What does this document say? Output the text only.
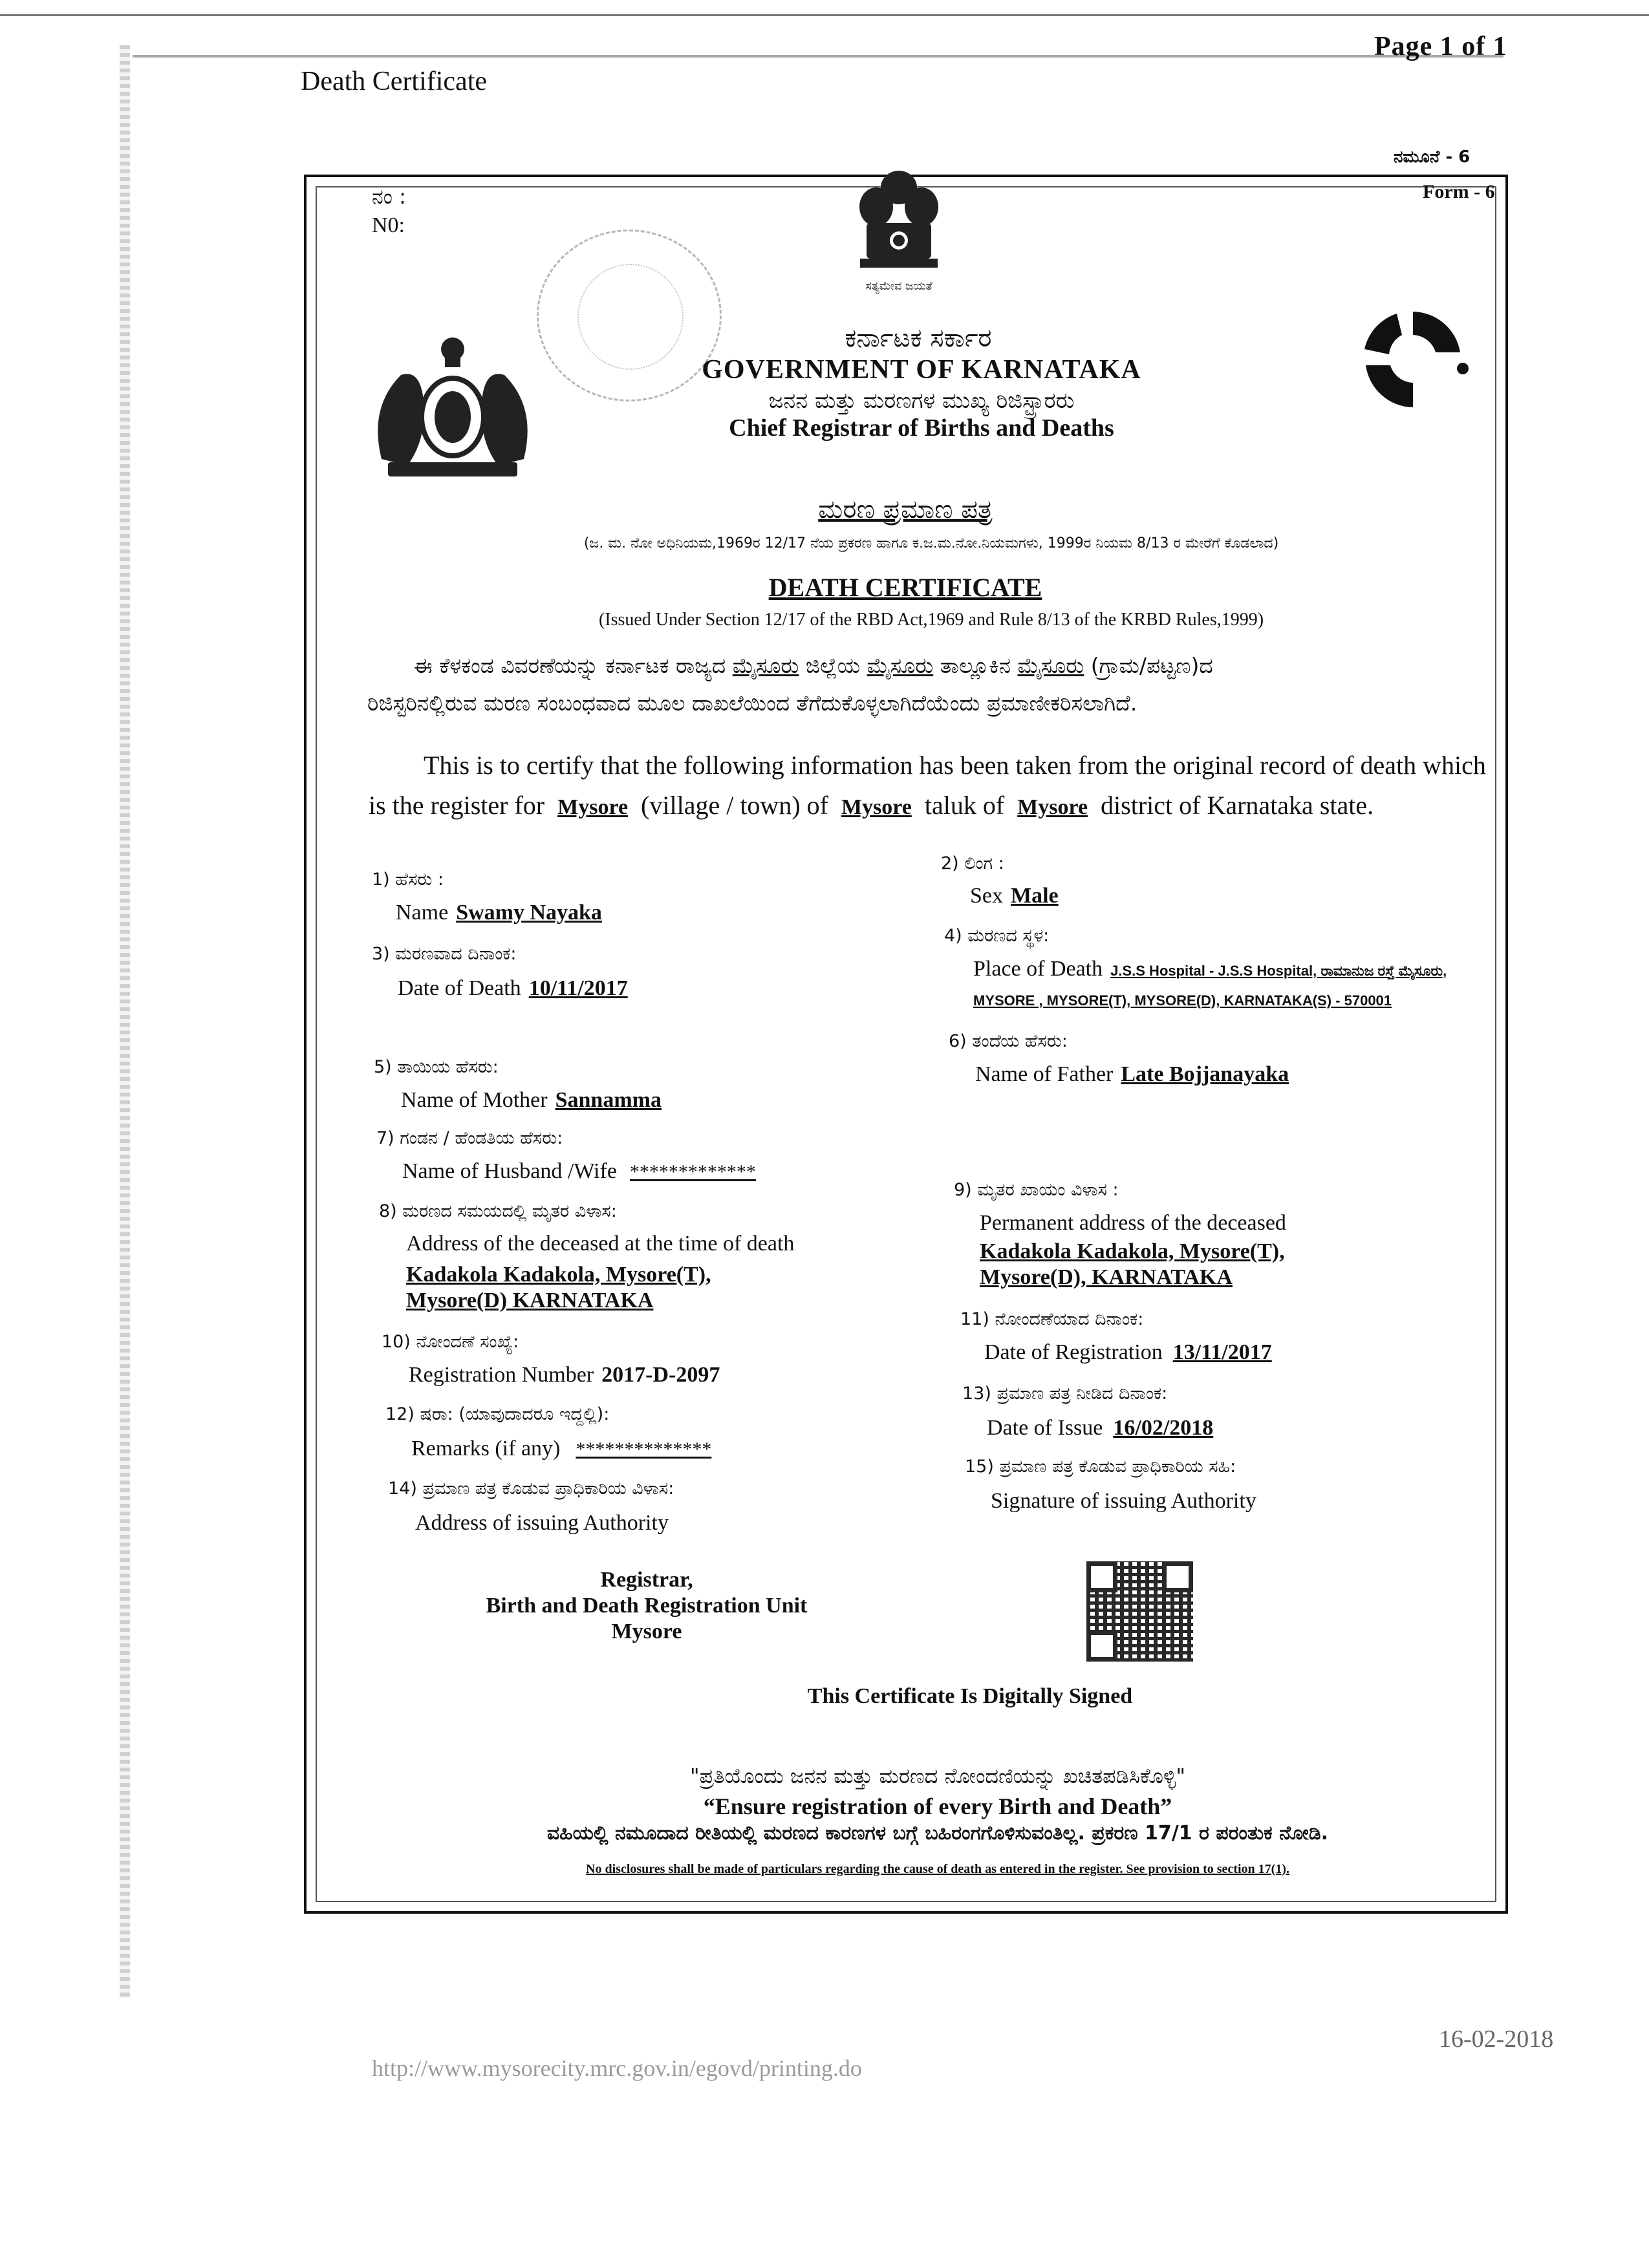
Death Certificate
Page 1 of 1
ನಂ :
N0:
ನಮೂನೆ - 6
Form - 6
ಸತ್ಯಮೇವ ಜಯತೆ
ಕರ್ನಾಟಕ ಸರ್ಕಾರ
GOVERNMENT OF KARNATAKA
ಜನನ ಮತ್ತು ಮರಣಗಳ ಮುಖ್ಯ ರಿಜಿಸ್ಟ್ರಾರರು
Chief Registrar of Births and Deaths
ಮರಣ ಪ್ರಮಾಣ ಪತ್ರ
(ಜ. ಮ. ನೋ ಅಧಿನಿಯಮ,1969ರ 12/17 ನೆಯ ಪ್ರಕರಣ ಹಾಗೂ ಕ.ಜ.ಮ.ನೋ.ನಿಯಮಗಳು, 1999ರ ನಿಯಮ 8/13 ರ ಮೇರೆಗೆ ಕೊಡಲಾದ)
DEATH CERTIFICATE
(Issued Under Section 12/17 of the RBD Act,1969 and Rule 8/13 of the KRBD Rules,1999)
ಈ ಕೆಳಕಂಡ ವಿವರಣೆಯನ್ನು ಕರ್ನಾಟಕ ರಾಜ್ಯದ ಮೈಸೂರು ಜಿಲ್ಲೆಯ ಮೈಸೂರು ತಾಲ್ಲೂಕಿನ ಮೈಸೂರು (ಗ್ರಾಮ/ಪಟ್ಟಣ)ದ
ರಿಜಿಸ್ಟರಿನಲ್ಲಿರುವ ಮರಣ ಸಂಬಂಧವಾದ ಮೂಲ ದಾಖಲೆಯಿಂದ ತೆಗೆದುಕೊಳ್ಳಲಾಗಿದೆಯೆಂದು ಪ್ರಮಾಣೀಕರಿಸಲಾಗಿದೆ.
This is to certify that the following information has been taken from the original record of death which
is the register for Mysore (village / town) of Mysore taluk of Mysore district of Karnataka state.
1) ಹೆಸರು :
Name Swamy Nayaka
3) ಮರಣವಾದ ದಿನಾಂಕ:
Date of Death 10/11/2017
5) ತಾಯಿಯ ಹೆಸರು:
Name of Mother Sannamma
7) ಗಂಡನ / ಹೆಂಡತಿಯ ಹೆಸರು:
Name of Husband /Wife *************
8) ಮರಣದ ಸಮಯದಲ್ಲಿ ಮೃತರ ವಿಳಾಸ:
Address of the deceased at the time of death
Kadakola Kadakola, Mysore(T),
Mysore(D) KARNATAKA
10) ನೋಂದಣೆ ಸಂಖ್ಯೆ:
Registration Number 2017-D-2097
12) ಷರಾ: (ಯಾವುದಾದರೂ ಇದ್ದಲ್ಲಿ):
Remarks (if any) **************
14) ಪ್ರಮಾಣ ಪತ್ರ ಕೊಡುವ ಪ್ರಾಧಿಕಾರಿಯ ವಿಳಾಸ:
Address of issuing Authority
2) ಲಿಂಗ :
Sex Male
4) ಮರಣದ ಸ್ಥಳ:
Place of Death J.S.S Hospital - J.S.S Hospital, ರಾಮಾನುಜ ರಸ್ತೆ ಮೈಸೂರು,
MYSORE , MYSORE(T), MYSORE(D), KARNATAKA(S) - 570001
6) ತಂದೆಯ ಹೆಸರು:
Name of Father Late Bojjanayaka
9) ಮೃತರ ಖಾಯಂ ವಿಳಾಸ :
Permanent address of the deceased
Kadakola Kadakola, Mysore(T),
Mysore(D), KARNATAKA
11) ನೋಂದಣೆಯಾದ ದಿನಾಂಕ:
Date of Registration 13/11/2017
13) ಪ್ರಮಾಣ ಪತ್ರ ನೀಡಿದ ದಿನಾಂಕ:
Date of Issue 16/02/2018
15) ಪ್ರಮಾಣ ಪತ್ರ ಕೊಡುವ ಪ್ರಾಧಿಕಾರಿಯ ಸಹಿ:
Signature of issuing Authority
Registrar,
Birth and Death Registration Unit
Mysore
This Certificate Is Digitally Signed
"ಪ್ರತಿಯೊಂದು ಜನನ ಮತ್ತು ಮರಣದ ನೋಂದಣಿಯನ್ನು ಖಚಿತಪಡಿಸಿಕೊಳ್ಳಿ"
“Ensure registration of every Birth and Death”
ವಹಿಯಲ್ಲಿ ನಮೂದಾದ ರೀತಿಯಲ್ಲಿ ಮರಣದ ಕಾರಣಗಳ ಬಗ್ಗೆ ಬಹಿರಂಗಗೊಳಿಸುವಂತಿಲ್ಲ. ಪ್ರಕರಣ 17/1 ರ ಪರಂತುಕ ನೋಡಿ.
No disclosures shall be made of particulars regarding the cause of death as entered in the register. See provision to section 17(1).
http://www.mysorecity.mrc.gov.in/egovd/printing.do
16-02-2018
